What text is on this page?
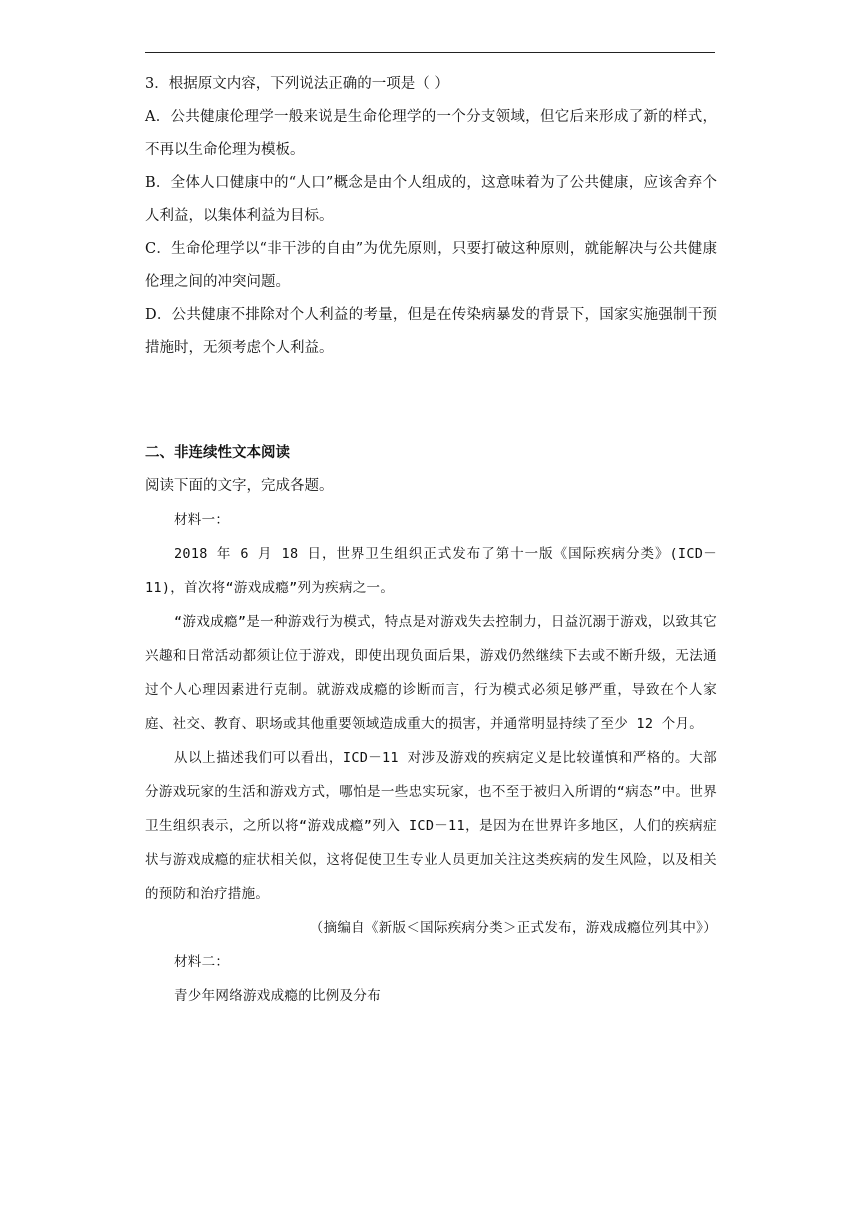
3．根据原文内容，下列说法正确的一项是（ ）

A．公共健康伦理学一般来说是生命伦理学的一个分支领域，但它后来形成了新的样式，不再以生命伦理为模板。

B．全体人口健康中的“人口”概念是由个人组成的，这意味着为了公共健康，应该舍弃个人利益，以集体利益为目标。

C．生命伦理学以“非干涉的自由”为优先原则，只要打破这种原则，就能解决与公共健康伦理之间的冲突问题。

D．公共健康不排除对个人利益的考量，但是在传染病暴发的背景下，国家实施强制干预措施时，无须考虑个人利益。

二、非连续性文本阅读

阅读下面的文字，完成各题。

材料一：

2018 年 6 月 18 日，世界卫生组织正式发布了第十一版《国际疾病分类》(ICD－11)，首次将“游戏成瘾”列为疾病之一。

“游戏成瘾”是一种游戏行为模式，特点是对游戏失去控制力，日益沉溺于游戏，以致其它兴趣和日常活动都须让位于游戏，即使出现负面后果，游戏仍然继续下去或不断升级，无法通过个人心理因素进行克制。就游戏成瘾的诊断而言，行为模式必须足够严重，导致在个人家庭、社交、教育、职场或其他重要领域造成重大的损害，并通常明显持续了至少 12 个月。

从以上描述我们可以看出，ICD－11 对涉及游戏的疾病定义是比较谨慎和严格的。大部分游戏玩家的生活和游戏方式，哪怕是一些忠实玩家，也不至于被归入所谓的“病态”中。世界卫生组织表示，之所以将“游戏成瘾”列入 ICD－11，是因为在世界许多地区，人们的疾病症状与游戏成瘾的症状相关似，这将促使卫生专业人员更加关注这类疾病的发生风险，以及相关的预防和治疗措施。

（摘编自《新版＜国际疾病分类＞正式发布，游戏成瘾位列其中》）

材料二：

青少年网络游戏成瘾的比例及分布
